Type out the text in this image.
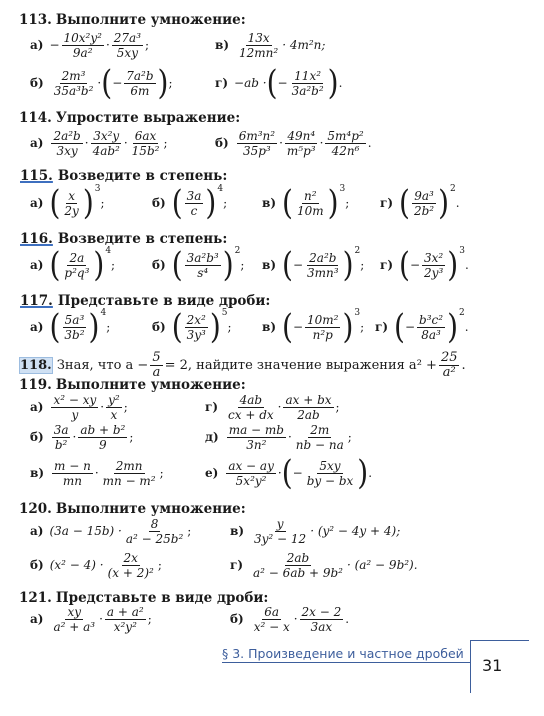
113. Выполните умножение:
$а) - \frac{\text{10x²y²}}{\text{9a²}}$ ·
27a³
5xy
;	в)
13x
12mn²
· 4m²n;
б)
2m³
35a³b²
· ( − $\frac{\text{7a²b}}{6m}$ ) ;	г) −ab · ( − $\frac{\text{11x²}}{\text{3a²b²}}$ ) .
114. Упростите выражение:
а)
2a²b
3xy
·
3x²y
4ab²
·
6ax
15b²
;	б)
6m³n²
35p³
·
49n⁴
m⁵p³
·
5m⁴p²
42n⁶
.
115. Возведите в степень:
а) ( x
2y ) 3
;	б) ( 3a
c ) 4
;	в) ( n²
10m ) 3
;	г) ( 9a³
2b² ) 2
.
116. Возведите в степень:
а) ( 2a
p²q³ ) 4
;	б) ( 3a²b³
s⁴ ) 2
; в) ( − $\frac{\text{2a²b}}{\text{3mn³}}$ ) 2
; г) ( − $\frac{\text{3x²}}{\text{2y³}}$ ) 3
.
117. Представьте в виде дроби:
а) ( 5a³
3b² ) 4
;	б) ( 2x²
3y³ ) 5
;	в) ( − $\frac{\text{10m²}}{\text{n²p}}$ ) 3
; г) ( − $\frac{\text{b³c²}}{\text{8a³}}$ ) 2
.
118.
Зная, что $a - \frac{5}{a} = 2$, найдите значение выражения $a^2 + \frac{25}{\text{a²}}$ .
119. Выполните умножение:
а)
x² − xy
y
·
y²
x
;	г)
4ab
cx + dx
·
ax + bx
2ab
;
б)
3a
b²
·
ab + b²
9
;	д)
ma − mb
3n²
·
2m
nb − na
;
в)
m − n
mn
·
2mn
mn − m²
;	е)
ax − ay
5x²y²
· ( − $\frac{5xy}{by - bx}$ ) .
120. Выполните умножение:
а) (3a − 15b) ·
8
a² − 25b²
;	в)
y
3y² − 12
· (y² − 4y + 4);
б) (x² − 4) ·
2x
(x + 2)²
;	г)
2ab
a² − 6ab + 9b²
· (a² − 9b²).
121. Представьте в виде дроби:
а)
xy
a² + a³
·
a + a²
x²y²
;	б)
6a
x² − x
·
2x − 2
3ax
.
§ 3. Произведение и частное дробей
31
